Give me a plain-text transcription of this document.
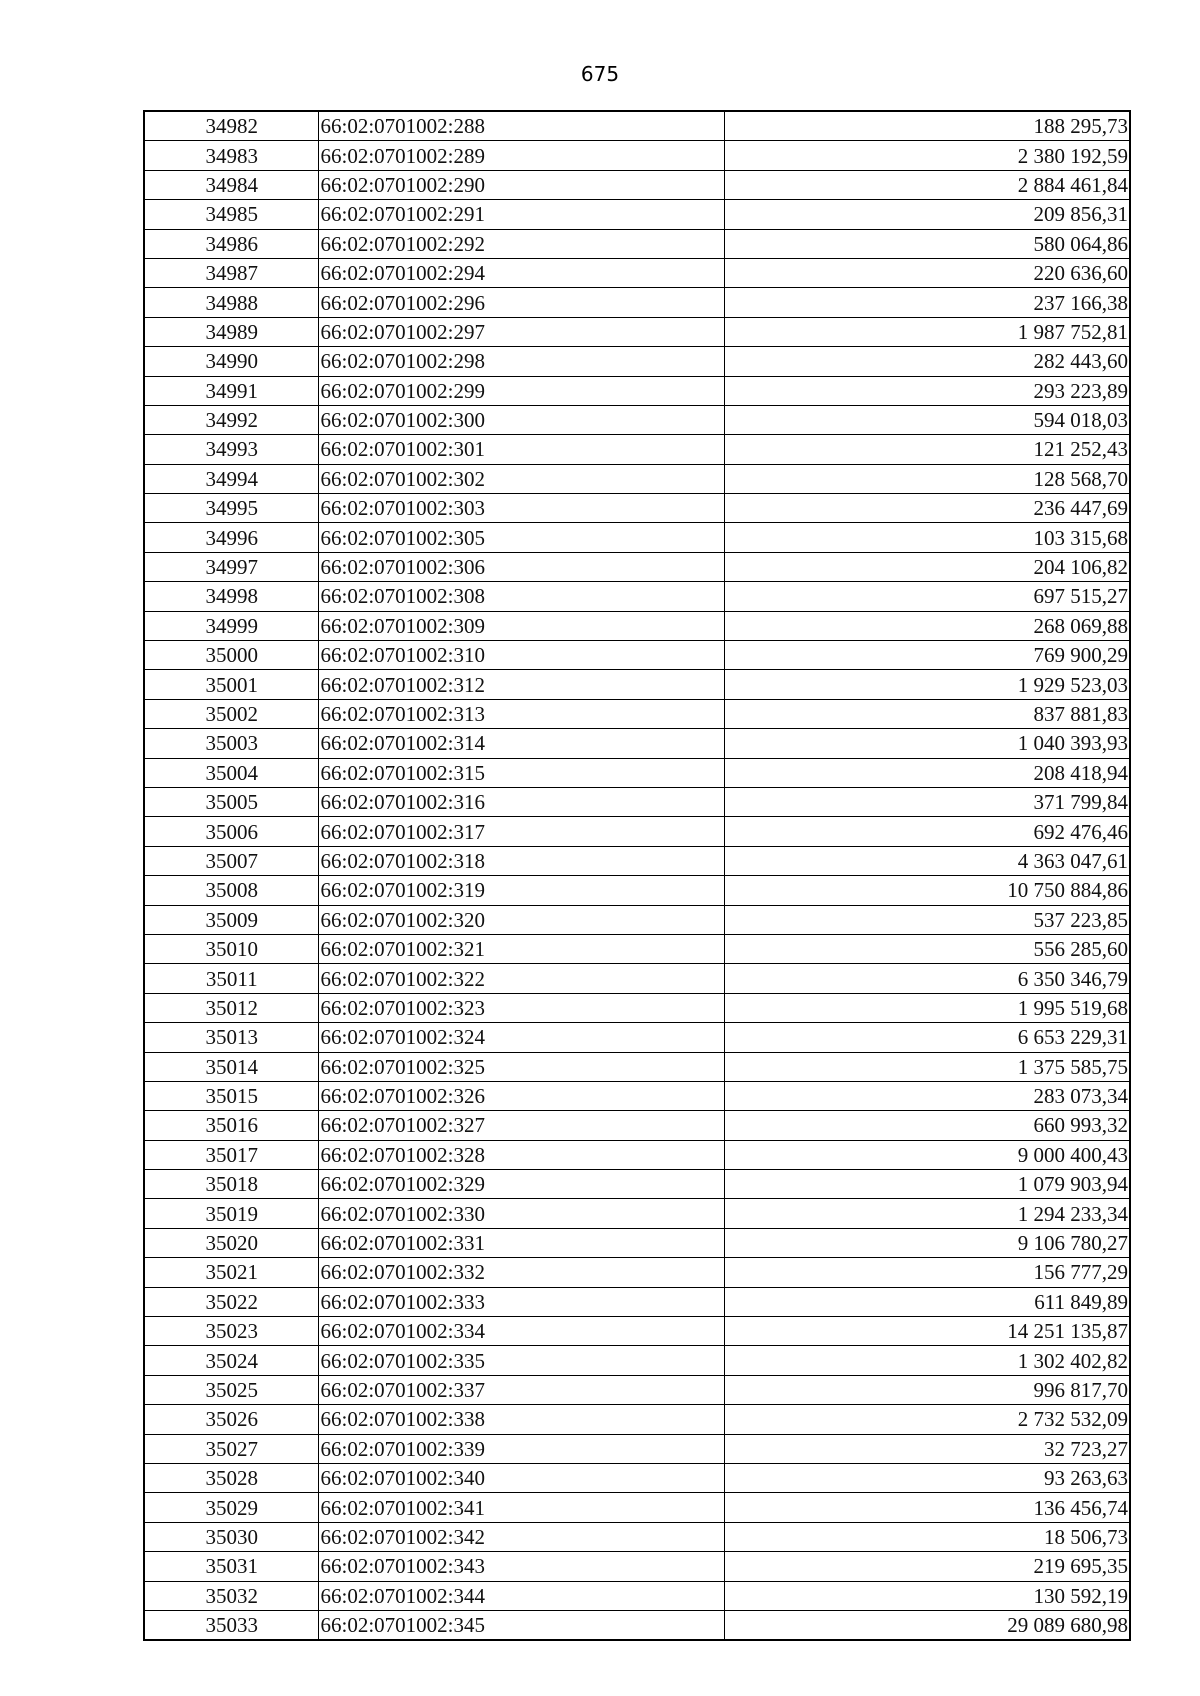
675
34982	66:02:0701002:288	188 295,73
34983	66:02:0701002:289	2 380 192,59
34984	66:02:0701002:290	2 884 461,84
34985	66:02:0701002:291	209 856,31
34986	66:02:0701002:292	580 064,86
34987	66:02:0701002:294	220 636,60
34988	66:02:0701002:296	237 166,38
34989	66:02:0701002:297	1 987 752,81
34990	66:02:0701002:298	282 443,60
34991	66:02:0701002:299	293 223,89
34992	66:02:0701002:300	594 018,03
34993	66:02:0701002:301	121 252,43
34994	66:02:0701002:302	128 568,70
34995	66:02:0701002:303	236 447,69
34996	66:02:0701002:305	103 315,68
34997	66:02:0701002:306	204 106,82
34998	66:02:0701002:308	697 515,27
34999	66:02:0701002:309	268 069,88
35000	66:02:0701002:310	769 900,29
35001	66:02:0701002:312	1 929 523,03
35002	66:02:0701002:313	837 881,83
35003	66:02:0701002:314	1 040 393,93
35004	66:02:0701002:315	208 418,94
35005	66:02:0701002:316	371 799,84
35006	66:02:0701002:317	692 476,46
35007	66:02:0701002:318	4 363 047,61
35008	66:02:0701002:319	10 750 884,86
35009	66:02:0701002:320	537 223,85
35010	66:02:0701002:321	556 285,60
35011	66:02:0701002:322	6 350 346,79
35012	66:02:0701002:323	1 995 519,68
35013	66:02:0701002:324	6 653 229,31
35014	66:02:0701002:325	1 375 585,75
35015	66:02:0701002:326	283 073,34
35016	66:02:0701002:327	660 993,32
35017	66:02:0701002:328	9 000 400,43
35018	66:02:0701002:329	1 079 903,94
35019	66:02:0701002:330	1 294 233,34
35020	66:02:0701002:331	9 106 780,27
35021	66:02:0701002:332	156 777,29
35022	66:02:0701002:333	611 849,89
35023	66:02:0701002:334	14 251 135,87
35024	66:02:0701002:335	1 302 402,82
35025	66:02:0701002:337	996 817,70
35026	66:02:0701002:338	2 732 532,09
35027	66:02:0701002:339	32 723,27
35028	66:02:0701002:340	93 263,63
35029	66:02:0701002:341	136 456,74
35030	66:02:0701002:342	18 506,73
35031	66:02:0701002:343	219 695,35
35032	66:02:0701002:344	130 592,19
35033	66:02:0701002:345	29 089 680,98
